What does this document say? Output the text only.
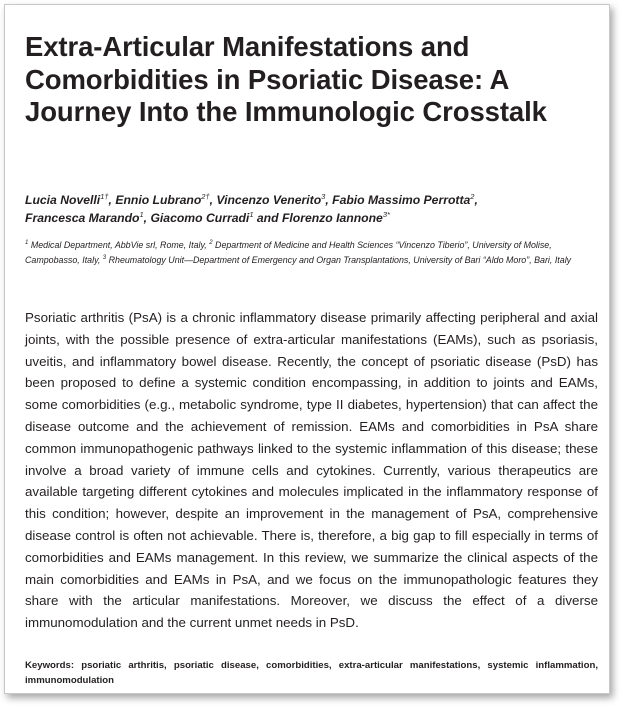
Extra-Articular Manifestations and Comorbidities in Psoriatic Disease: A Journey Into the Immunologic Crosstalk

Lucia Novelli$^{1\dagger}$, Ennio Lubrano$^{2\dagger}$, Vincenzo Venerito$^3$, Fabio Massimo Perrotta$^2$,
Francesca Marando$^1$, Giacomo Curradi$^1$ and Florenzo Iannone$^{3*}$

$^1$ Medical Department, AbbVie srl, Rome, Italy, $^2$ Department of Medicine and Health Sciences “Vincenzo Tiberio”, University of Molise, Campobasso, Italy, $^3$ Rheumatology Unit—Department of Emergency and Organ Transplantations, University of Bari “Aldo Moro”, Bari, Italy

Psoriatic arthritis (PsA) is a chronic inflammatory disease primarily affecting peripheral and axial joints, with the possible presence of extra-articular manifestations (EAMs), such as psoriasis, uveitis, and inflammatory bowel disease. Recently, the concept of psoriatic disease (PsD) has been proposed to define a systemic condition encompassing, in addition to joints and EAMs, some comorbidities (e.g., metabolic syndrome, type II diabetes, hypertension) that can affect the disease outcome and the achievement of remission. EAMs and comorbidities in PsA share common immunopathogenic pathways linked to the systemic inflammation of this disease; these involve a broad variety of immune cells and cytokines. Currently, various therapeutics are available targeting different cytokines and molecules implicated in the inflammatory response of this condition; however, despite an improvement in the management of PsA, comprehensive disease control is often not achievable. There is, therefore, a big gap to fill especially in terms of comorbidities and EAMs management. In this review, we summarize the clinical aspects of the main comorbidities and EAMs in PsA, and we focus on the immunopathologic features they share with the articular manifestations. Moreover, we discuss the effect of a diverse immunomodulation and the current unmet needs in PsD.

Keywords: psoriatic arthritis, psoriatic disease, comorbidities, extra-articular manifestations, systemic inflammation, immunomodulation
